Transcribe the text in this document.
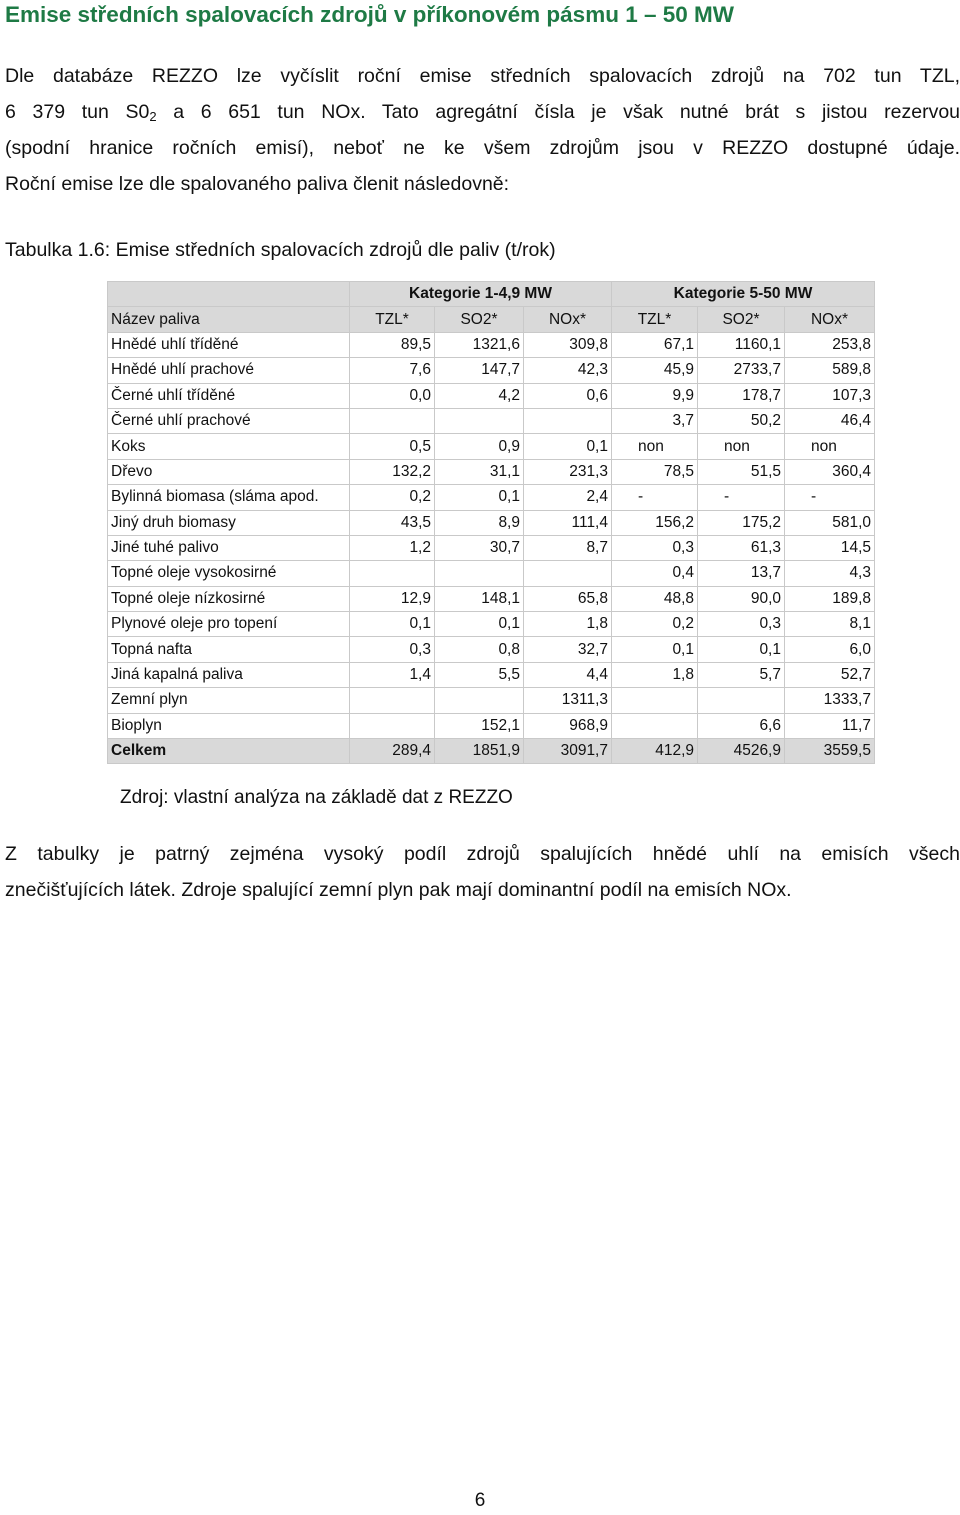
Emise středních spalovacích zdrojů v příkonovém pásmu 1 – 50 MW
Dle databáze REZZO lze vyčíslit roční emise středních spalovacích zdrojů na 702 tun TZL,
6 379 tun $S0_2$ a 6 651 tun NOx. Tato agregátní čísla je však nutné brát s jistou rezervou
(spodní hranice ročních emisí), neboť ne ke všem zdrojům jsou v REZZO dostupné údaje.
Roční emise lze dle spalovaného paliva členit následovně:
Tabulka 1.6: Emise středních spalovacích zdrojů dle paliv (t/rok)
	Kategorie 1-4,9 MW			Kategorie 5-50 MW		
Název paliva	TZL*	SO2*	NOx*	TZL*	SO2*	NOx*
Hnědé uhlí tříděné	89,5	1321,6	309,8	67,1	1160,1	253,8
Hnědé uhlí prachové	7,6	147,7	42,3	45,9	2733,7	589,8
Černé uhlí tříděné	0,0	4,2	0,6	9,9	178,7	107,3
Černé uhlí prachové				3,7	50,2	46,4
Koks	0,5	0,9	0,1	non	non	non
Dřevo	132,2	31,1	231,3	78,5	51,5	360,4
Bylinná biomasa (sláma apod.	0,2	0,1	2,4	-	-	-
Jiný druh biomasy	43,5	8,9	111,4	156,2	175,2	581,0
Jiné tuhé palivo	1,2	30,7	8,7	0,3	61,3	14,5
Topné oleje vysokosirné				0,4	13,7	4,3
Topné oleje nízkosirné	12,9	148,1	65,8	48,8	90,0	189,8
Plynové oleje pro topení	0,1	0,1	1,8	0,2	0,3	8,1
Topná nafta	0,3	0,8	32,7	0,1	0,1	6,0
Jiná kapalná paliva	1,4	5,5	4,4	1,8	5,7	52,7
Zemní plyn			1311,3			1333,7
Bioplyn		152,1	968,9		6,6	11,7
Celkem	289,4	1851,9	3091,7	412,9	4526,9	3559,5
Zdroj: vlastní analýza na základě dat z REZZO
Z tabulky je patrný zejména vysoký podíl zdrojů spalujících hnědé uhlí na emisích všech
znečišťujících látek. Zdroje spalující zemní plyn pak mají dominantní podíl na emisích NOx.
6
